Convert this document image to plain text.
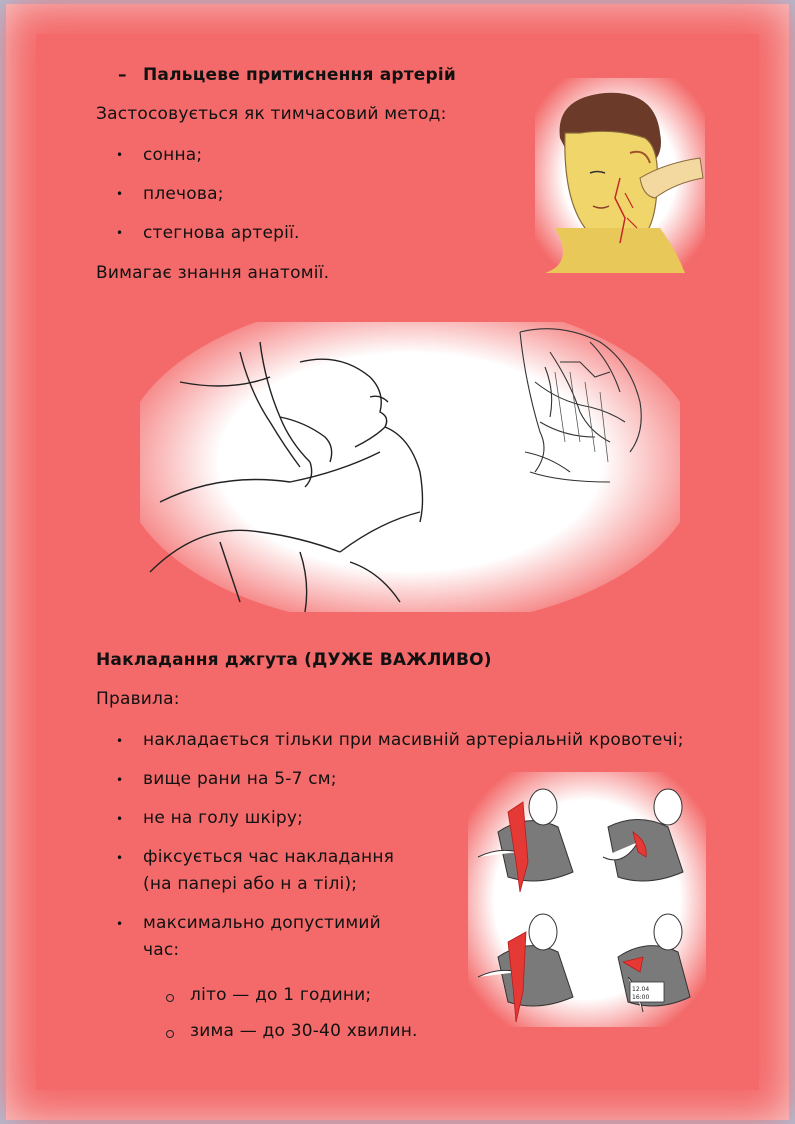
– Пальцеве притиснення артерій
Застосовується як тимчасовий метод:
• сонна;
• плечова;
• стегнова артерії.
Вимагає знання анатомії.
Накладання джгута (ДУЖЕ ВАЖЛИВО)
Правила:
• накладається тільки при масивній артеріальній кровотечі;
• вище рани на 5-7 см;
• не на голу шкіру;
• фіксується час накладання
(на папері або н а тілі);
• максимально допустимий
час:
літо — до 1 години;
зима — до 30-40 хвилин.
12.04
16:00
